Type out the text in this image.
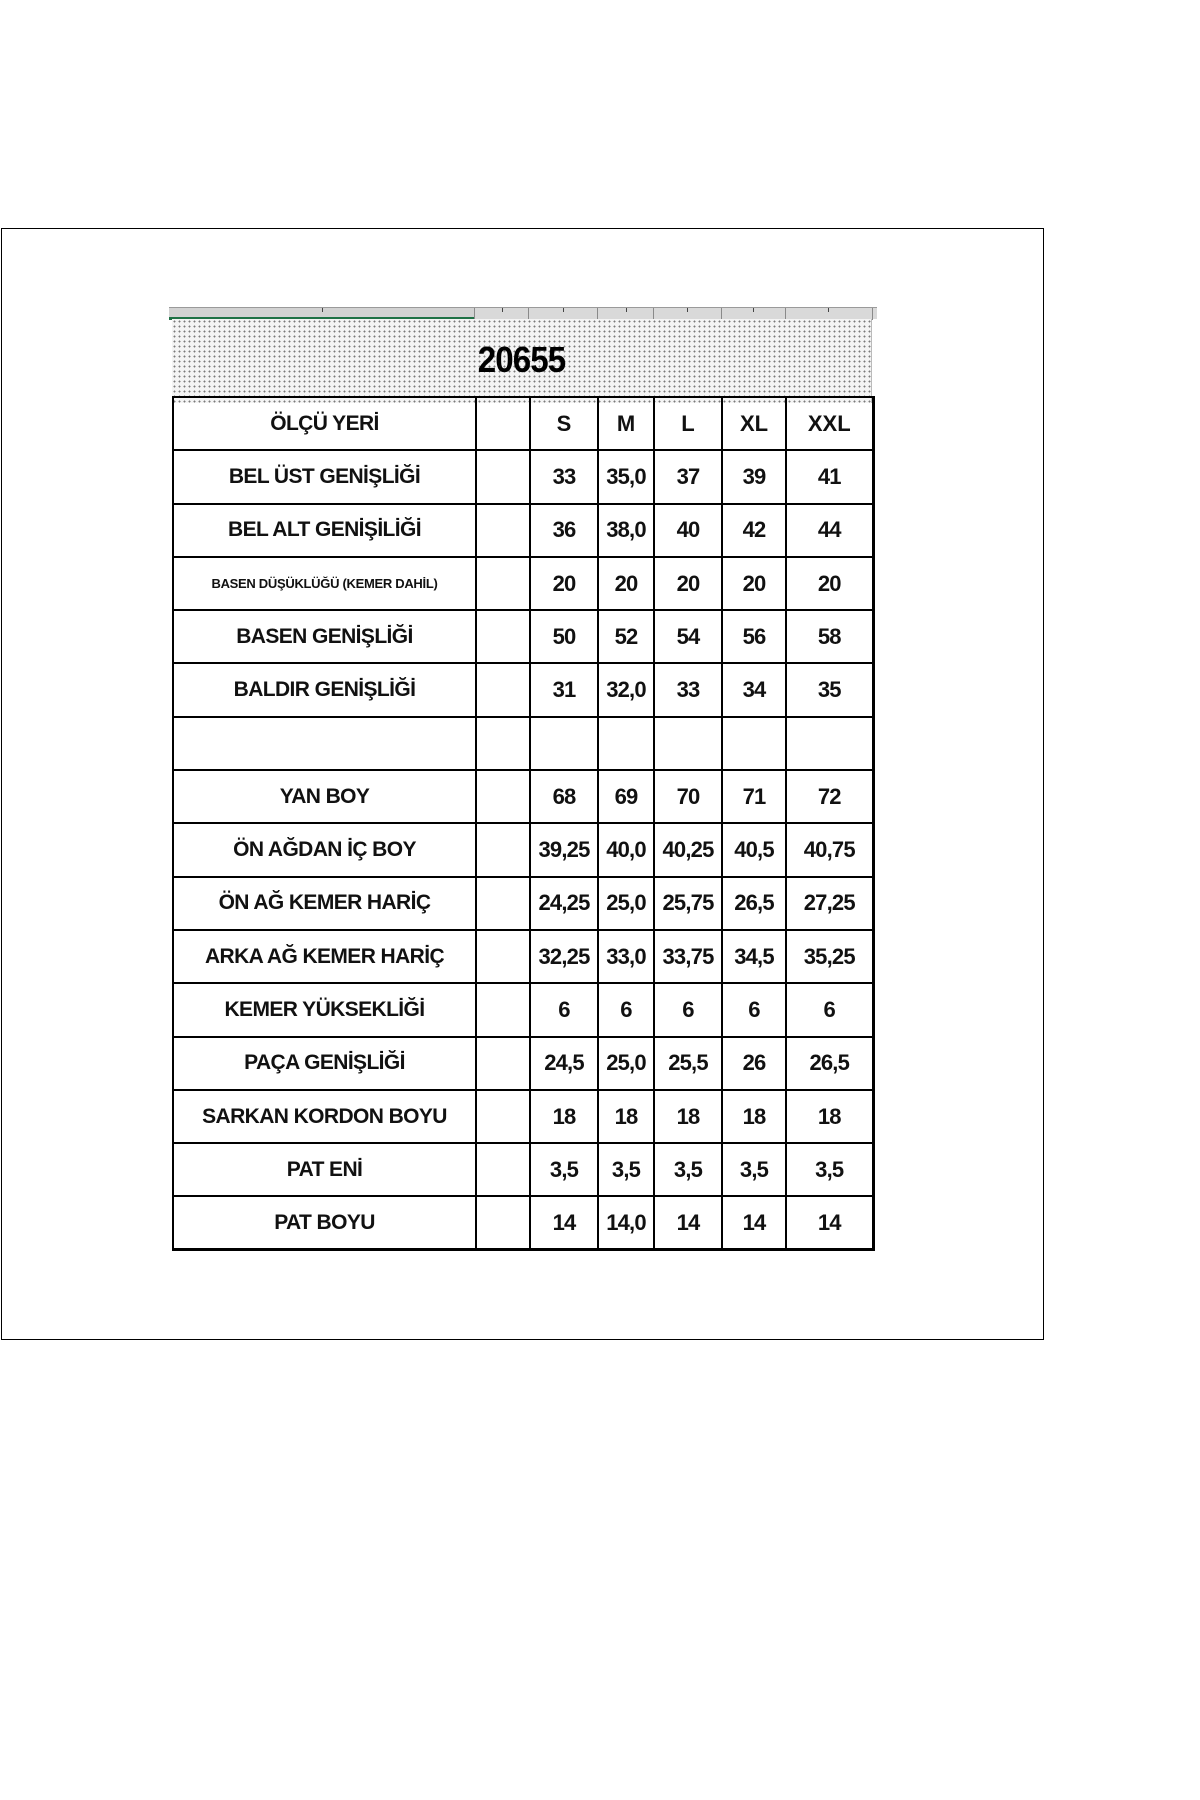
20655
ÖLÇÜ YERİ		S	M	L	XL	XXL
BEL ÜST GENİŞLİĞİ		33	35,0	37	39	41
BEL ALT GENİŞİLİĞİ		36	38,0	40	42	44
BASEN DÜŞÜKLÜĞÜ (KEMER DAHİL)		20	20	20	20	20
BASEN GENİŞLİĞİ		50	52	54	56	58
BALDIR GENİŞLİĞİ		31	32,0	33	34	35

YAN BOY		68	69	70	71	72
ÖN AĞDAN İÇ BOY		39,25	40,0	40,25	40,5	40,75
ÖN AĞ KEMER HARİÇ		24,25	25,0	25,75	26,5	27,25
ARKA AĞ KEMER HARİÇ		32,25	33,0	33,75	34,5	35,25
KEMER YÜKSEKLİĞİ		6	6	6	6	6
PAÇA GENİŞLİĞİ		24,5	25,0	25,5	26	26,5
SARKAN KORDON BOYU		18	18	18	18	18
PAT ENİ		3,5	3,5	3,5	3,5	3,5
PAT BOYU		14	14,0	14	14	14
